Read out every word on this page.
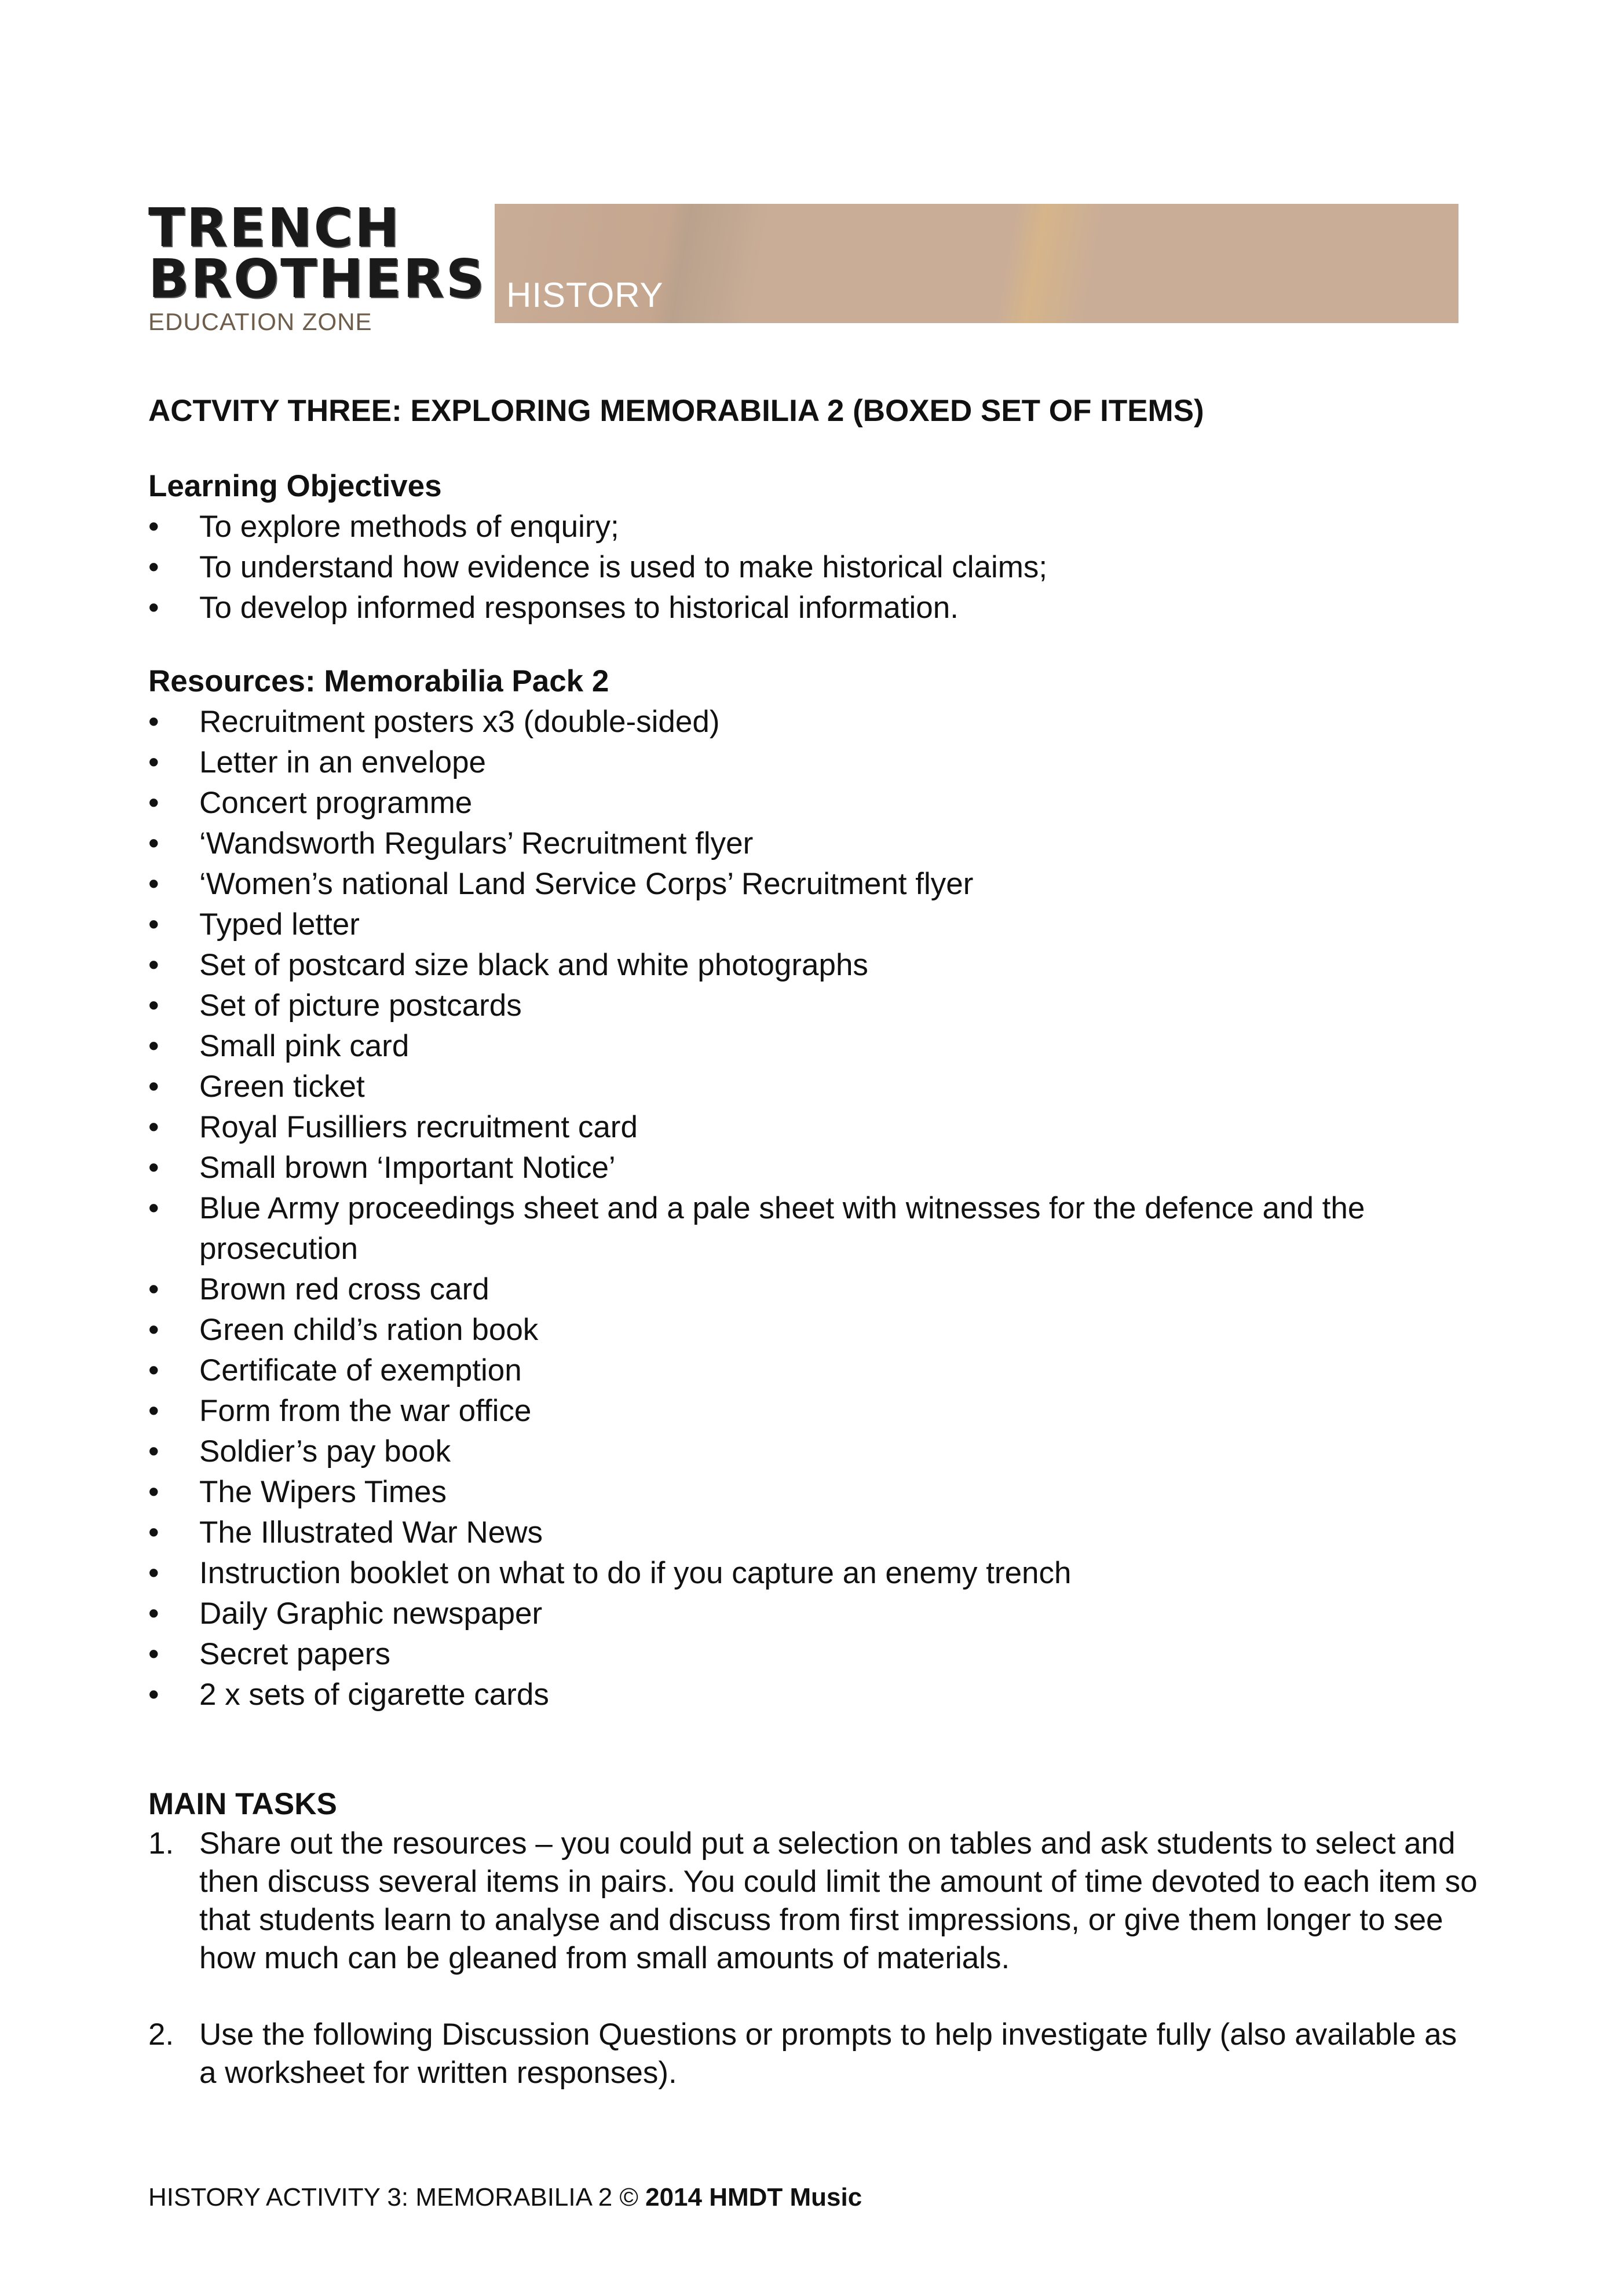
TRENCH
BROTHERS
EDUCATION ZONE
HISTORY
ACTVITY THREE: EXPLORING MEMORABILIA 2 (BOXED SET OF ITEMS)
Learning Objectives
• To explore methods of enquiry;
• To understand how evidence is used to make historical claims;
• To develop informed responses to historical information.
Resources: Memorabilia Pack 2
• Recruitment posters x3 (double-sided)
• Letter in an envelope
• Concert programme
• ‘Wandsworth Regulars’ Recruitment flyer
• ‘Women’s national Land Service Corps’ Recruitment flyer
• Typed letter
• Set of postcard size black and white photographs
• Set of picture postcards
• Small pink card
• Green ticket
• Royal Fusilliers recruitment card
• Small brown ‘Important Notice’
• Blue Army proceedings sheet and a pale sheet with witnesses for the defence and the prosecution
• Brown red cross card
• Green child’s ration book
• Certificate of exemption
• Form from the war office
• Soldier’s pay book
• The Wipers Times
• The Illustrated War News
• Instruction booklet on what to do if you capture an enemy trench
• Daily Graphic newspaper
• Secret papers
• 2 x sets of cigarette cards
MAIN TASKS
1. Share out the resources – you could put a selection on tables and ask students to select and then discuss several items in pairs. You could limit the amount of time devoted to each item so that students learn to analyse and discuss from first impressions, or give them longer to see how much can be gleaned from small amounts of materials.
2. Use the following Discussion Questions or prompts to help investigate fully (also available as a worksheet for written responses).
HISTORY ACTIVITY 3: MEMORABILIA 2 © 2014 HMDT Music
